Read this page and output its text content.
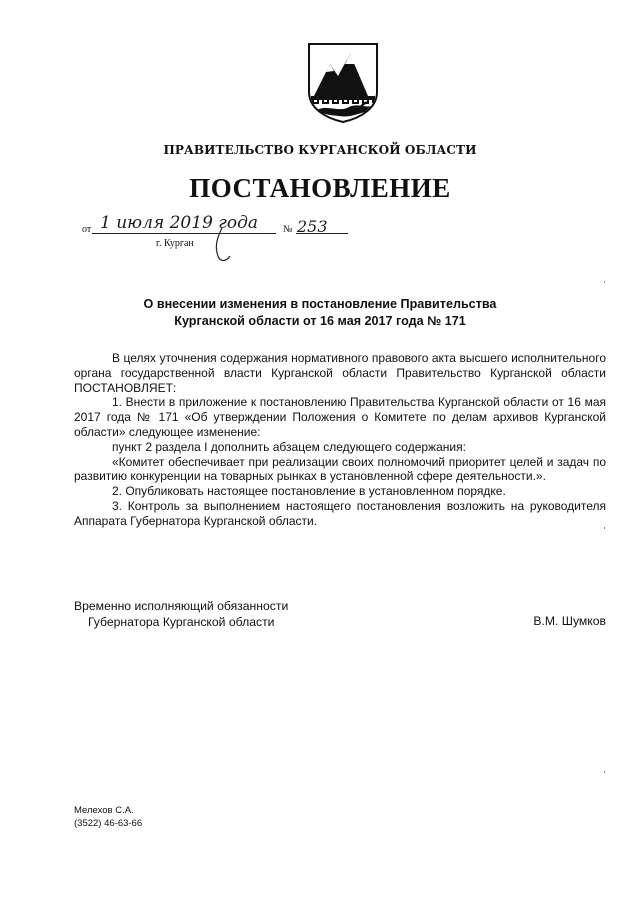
ПРАВИТЕЛЬСТВО КУРГАНСКОЙ ОБЛАСТИ
ПОСТАНОВЛЕНИЕ
от 1 июля 2019 года № 253
г. Курган
О внесении изменения в постановление Правительства
Курганской области от 16 мая 2017 года № 171

В целях уточнения содержания нормативного правового акта высшего исполнительного органа государственной власти Курганской области Правительство Курганской области ПОСТАНОВЛЯЕТ:

1. Внести в приложение к постановлению Правительства Курганской области от 16 мая 2017 года № 171 «Об утверждении Положения о Комитете по делам архивов Курганской области» следующее изменение:

пункт 2 раздела I дополнить абзацем следующего содержания:

«Комитет обеспечивает при реализации своих полномочий приоритет целей и задач по развитию конкуренции на товарных рынках в установленной сфере деятельности.».

2. Опубликовать настоящее постановление в установленном порядке.

3. Контроль за выполнением настоящего постановления возложить на руководителя Аппарата Губернатора Курганской области.

Временно исполняющий обязанности
Губернатора Курганской области	В.М. Шумков
Мелехов С.А.
(3522) 46-63-66
